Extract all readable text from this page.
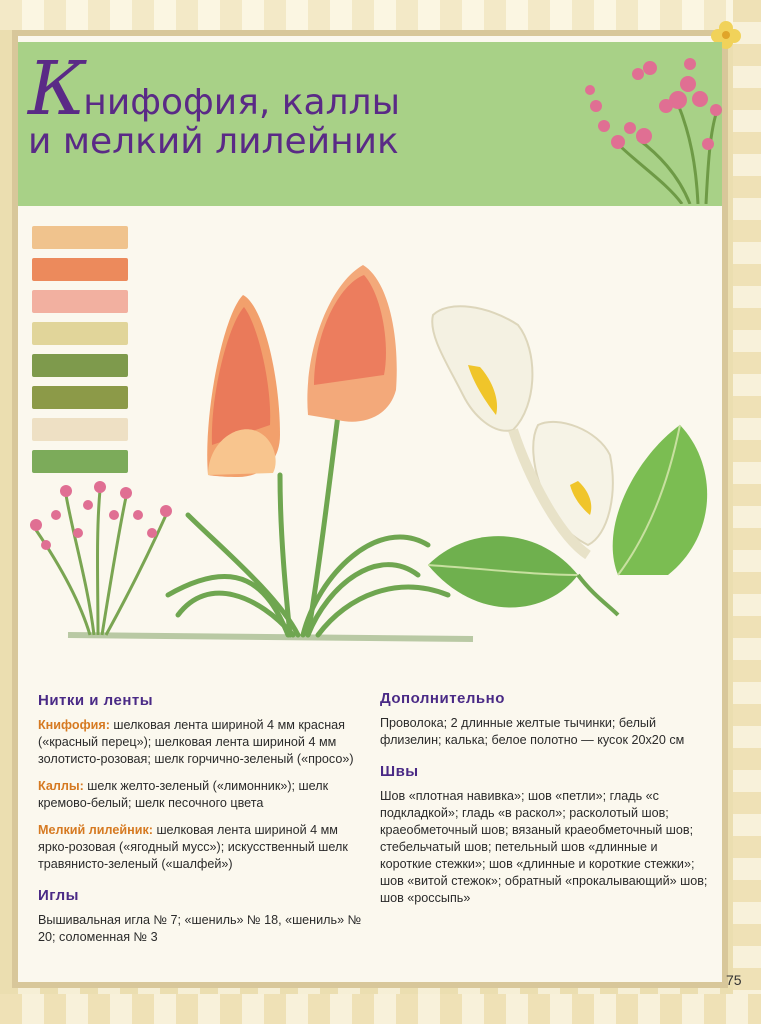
Книфофия, каллы
и мелкий лилейник
Нитки и ленты

Книфофия: шелковая лента шириной 4 мм красная («красный перец»); шелковая лента шириной 4 мм золотисто-розовая; шелк горчично-зеленый («просо»)

Каллы: шелк желто-зеленый («лимонник»); шелк кремово-белый; шелк песочного цвета

Мелкий лилейник: шелковая лента шириной 4 мм ярко-розовая («ягодный мусс»); искусственный шелк травянисто-зеленый («шалфей»)

Иглы

Вышивальная игла № 7; «шениль» № 18, «шениль» № 20; соломенная № 3

Дополнительно

Проволока; 2 длинные желтые тычинки; белый флизелин; калька; белое полотно — кусок 20х20 см

Швы

Шов «плотная навивка»; шов «петли»; гладь «с подкладкой»; гладь «в раскол»; расколотый шов; краеобметочный шов; вязаный краеобметочный шов; стебельчатый шов; петельный шов «длинные и короткие стежки»; шов «длинные и короткие стежки»; шов «витой стежок»; обратный «прокалывающий» шов; шов «россыпь»

75
